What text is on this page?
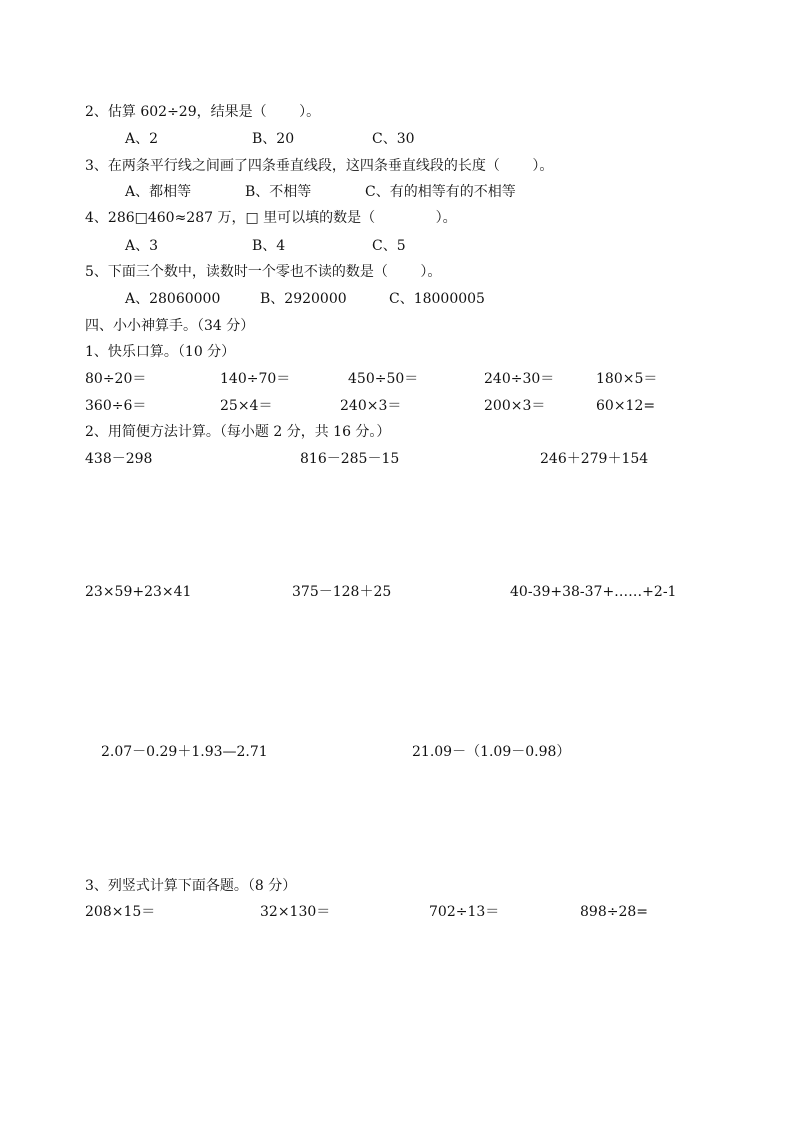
2、估算 602÷29，结果是（　　 ）。
A、2	B、20	C、30
3、在两条平行线之间画了四条垂直线段，这四条垂直线段的长度（　　 ）。
A、都相等	B、不相等	C、有的相等有的不相等
4、286□460≈287 万，□ 里可以填的数是（　　　　 ）。
A、3	B、4	C、5
5、下面三个数中，读数时一个零也不读的数是（　　 ）。
A、28060000	B、2920000	C、18000005
四、小小神算手。（34 分）
1、快乐口算。（10 分）
80÷20＝	140÷70＝	450÷50＝	240÷30＝	180×5＝
360÷6＝	25×4＝	240×3＝	200×3＝	60×12=
2、用简便方法计算。（每小题 2 分，共 16 分。）
438－298	816－285－15	246＋279＋154
23×59+23×41	375－128＋25	40-39+38-37+……+2-1
2.07－0.29＋1.93—2.71	21.09－（1.09－0.98）
3、列竖式计算下面各题。（8 分）
208×15＝	32×130＝	702÷13＝	898÷28=
